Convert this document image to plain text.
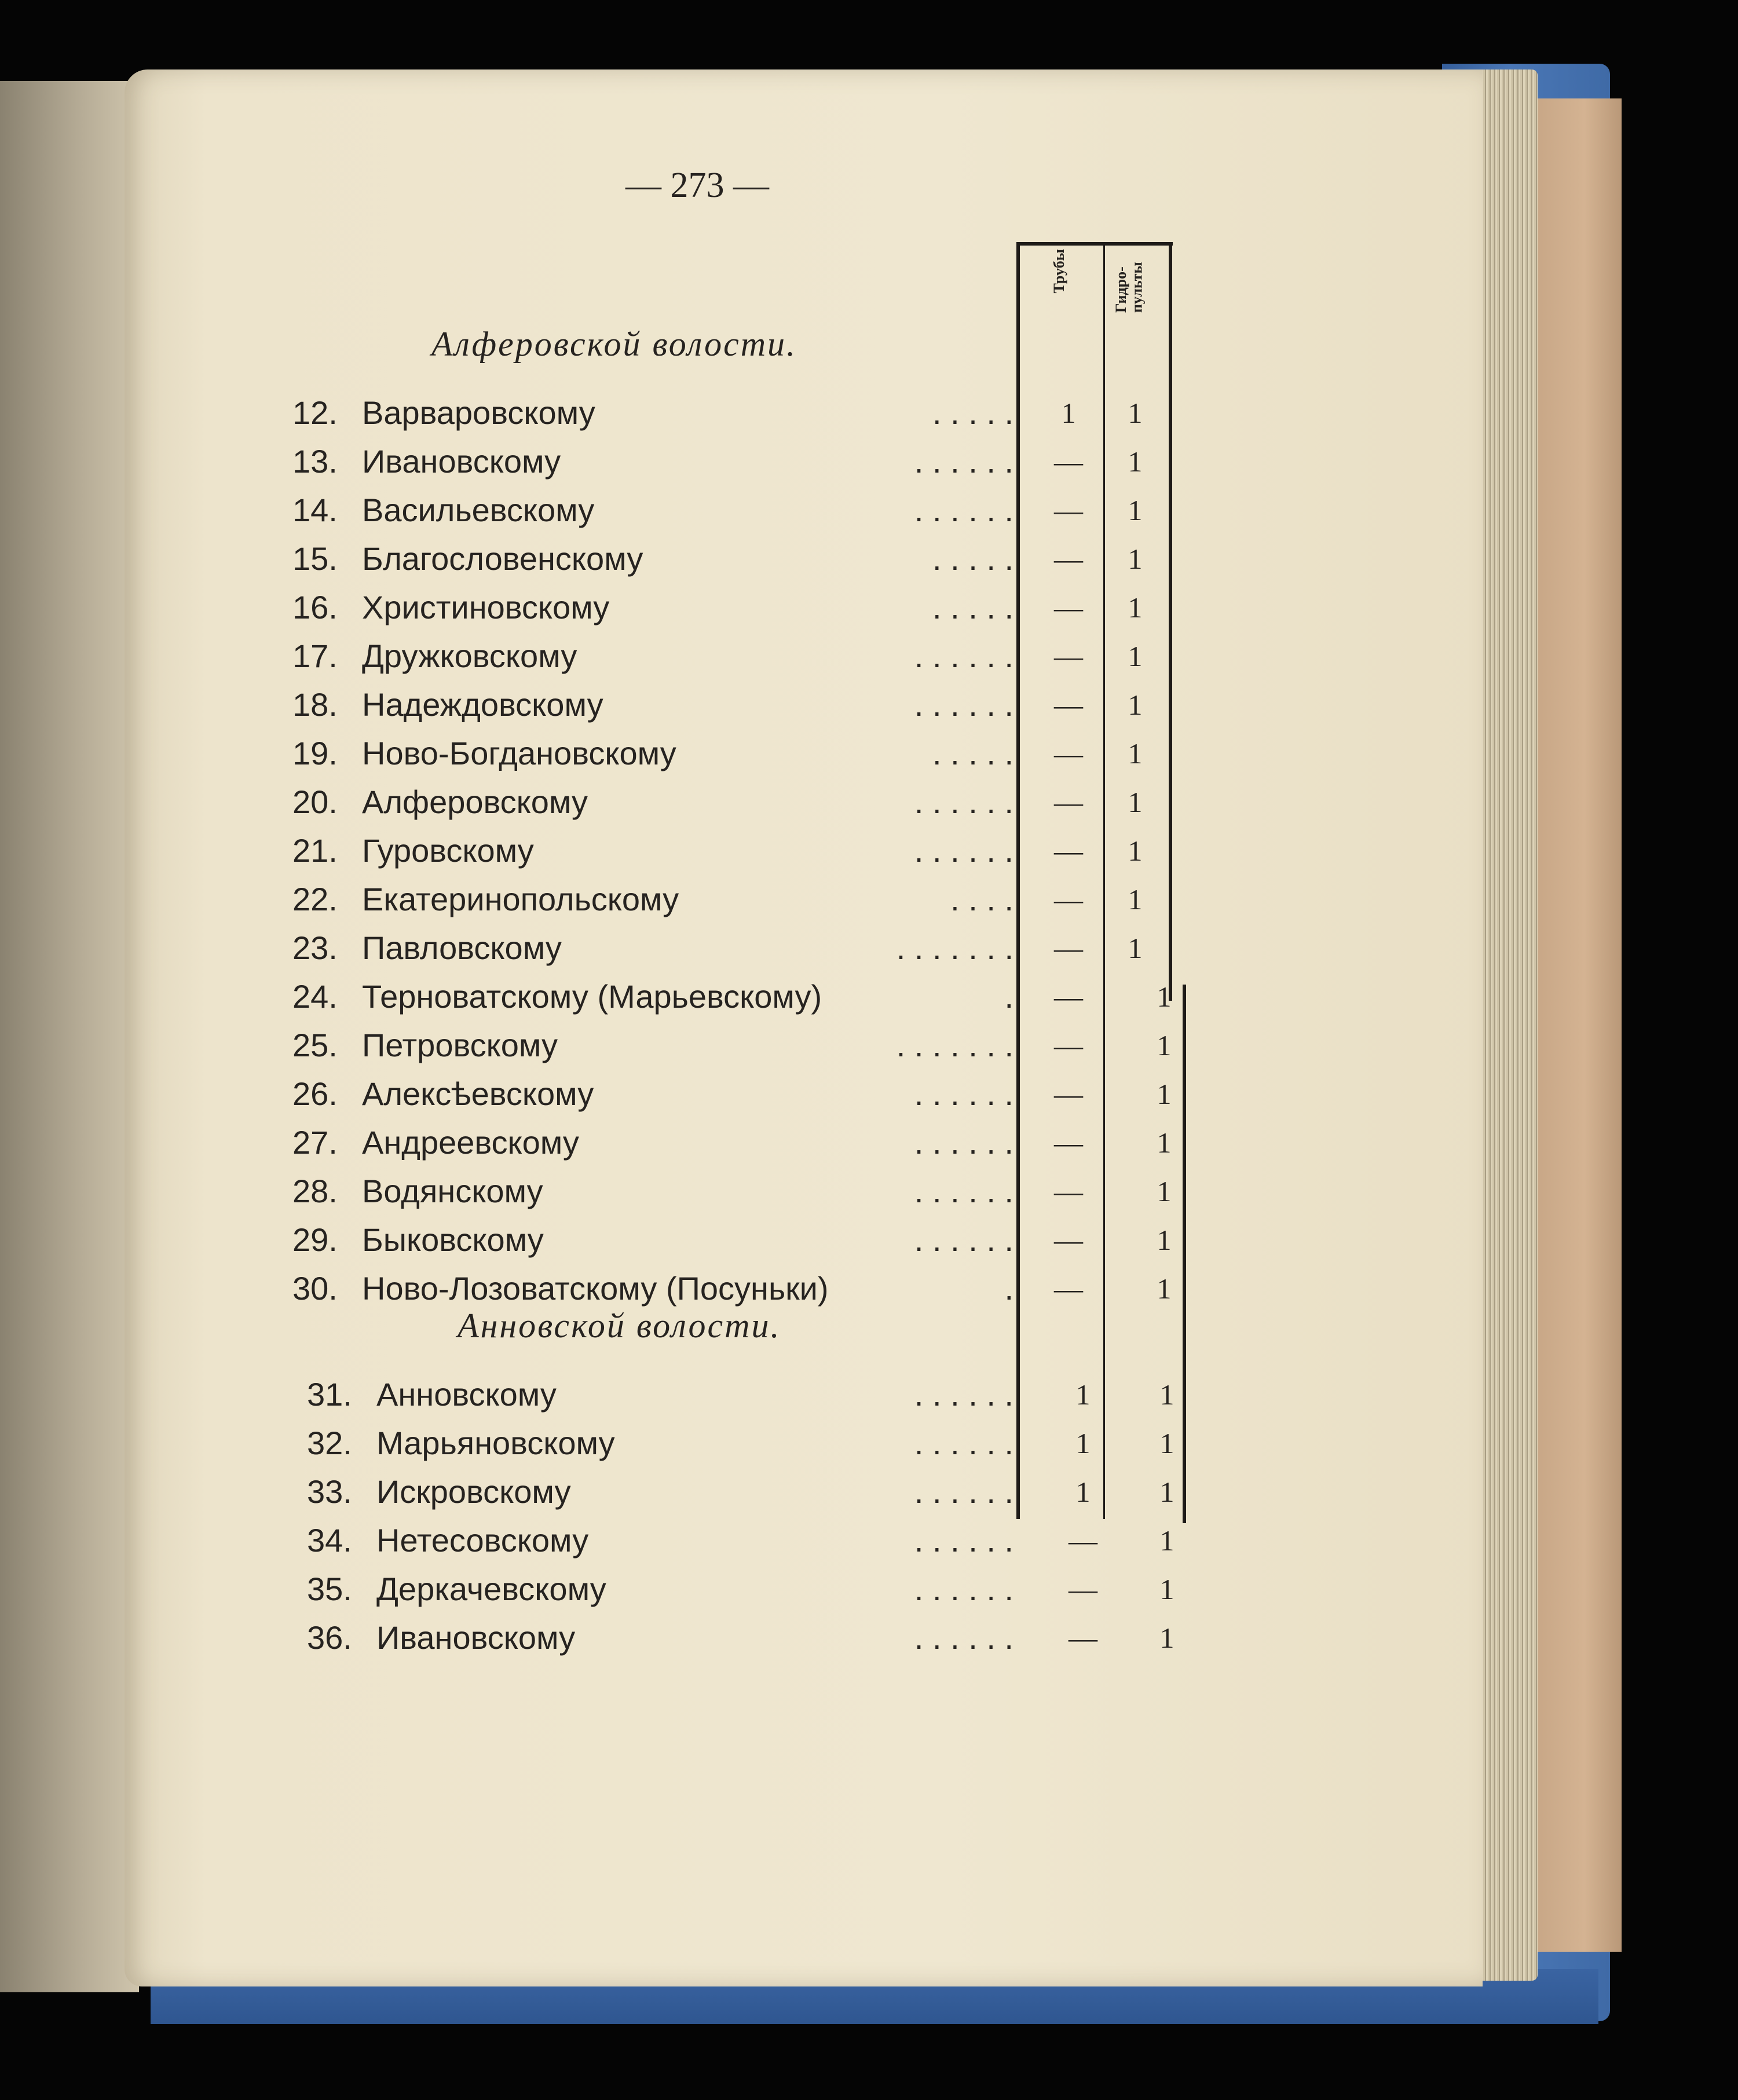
— 273 —
Трубы	Гидро-пульты
Алферовской волости.
12. Варваровскому	. . . . .	1	1
13. Ивановскому	. . . . . . —	1
14. Васильевскому	. . . . . . —	1
15. Благословенскому	. . . . . —	1
16. Христиновскому	. . . . . —	1
17. Дружковскому	. . . . . . —	1
18. Надеждовскому	. . . . . . —	1
19. Ново-Богдановскому	. . . . . —	1
20. Алферовскому	. . . . . . —	1
21. Гуровскому	. . . . . . —	1
22. Екатеринопольскому	. . . . —	1
23. Павловскому	. . . . . . . —	1
24. Терноватскому (Марьевскому)	. —	1
25. Петровскому	. . . . . . . —	1
26. Алексѣевскому	. . . . . . —	1
27. Андреевскому	. . . . . . —	1
28. Водянскому	. . . . . . —	1
29. Быковскому	. . . . . . —	1
30. Ново-Лозоватскому (Посуньки)	. —	1
Анновской волости.
31. Анновскому	. . . . . .	1	1
32. Марьяновскому	. . . . . .	1	1
33. Искровскому	. . . . . .	1	1
34. Нетесовскому	. . . . . . —	1
35. Деркачевскому	. . . . . . —	1
36. Ивановскому	. . . . . . —	1
